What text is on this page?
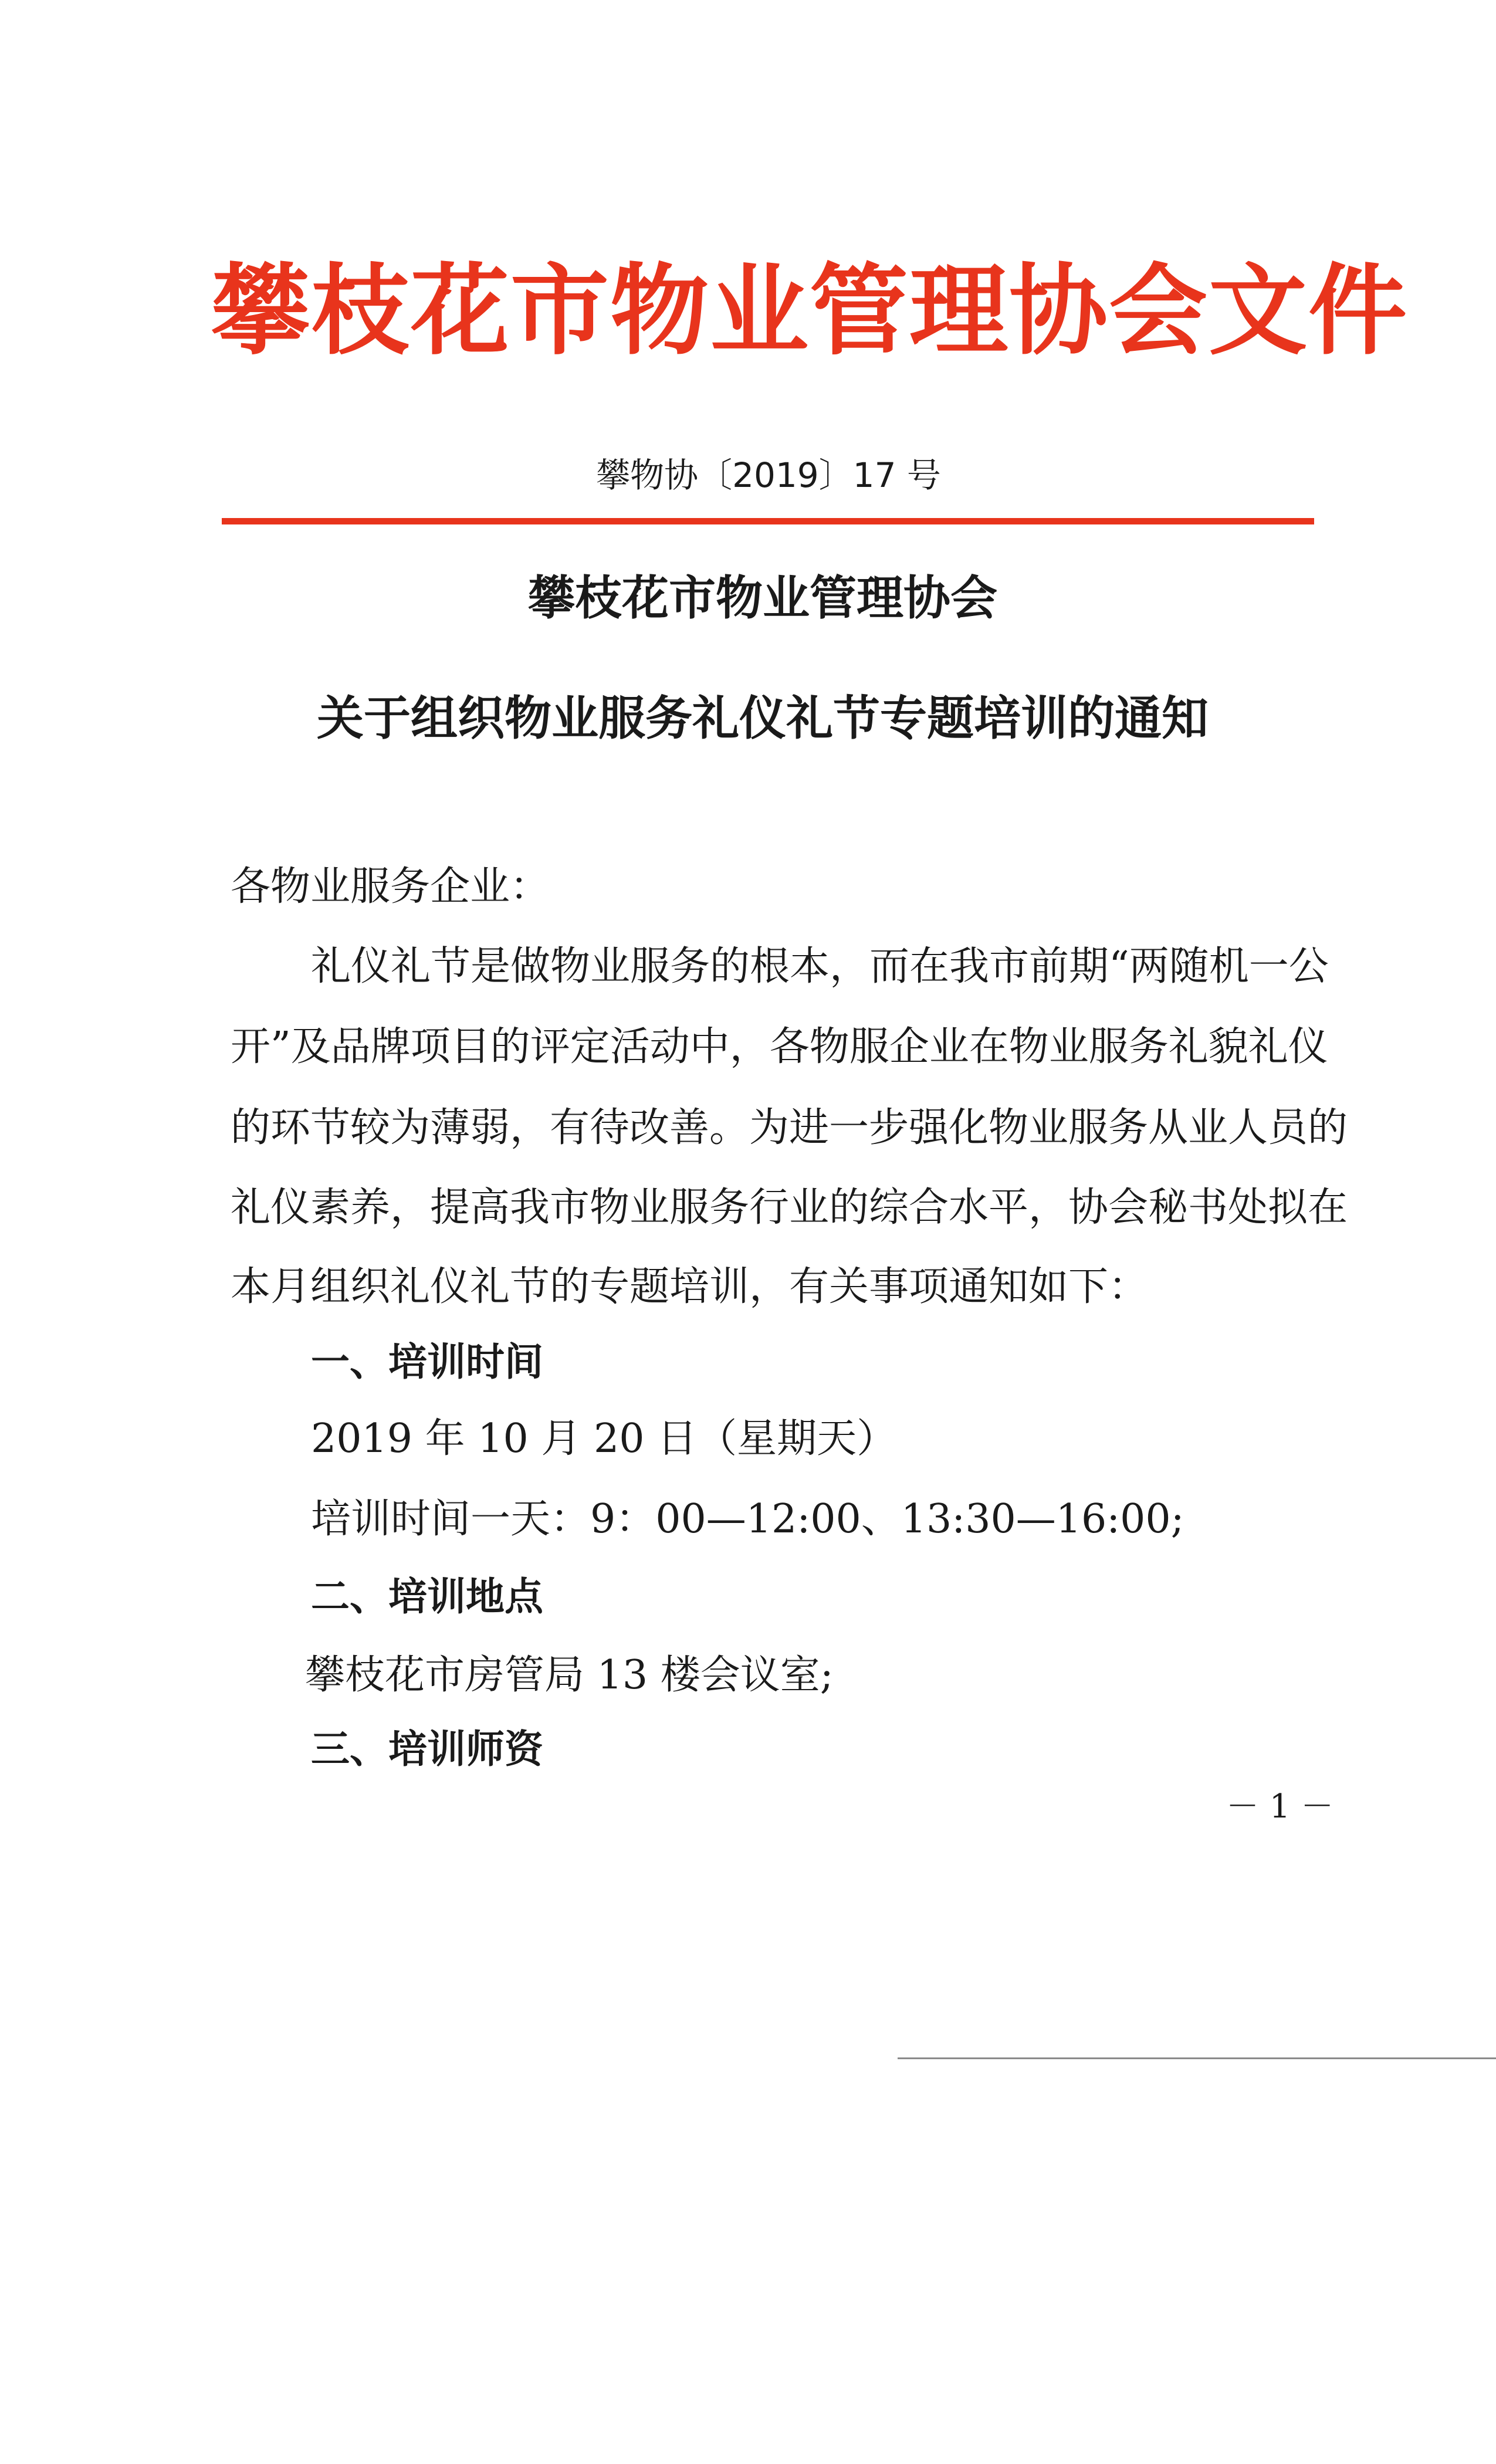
攀枝花市物业管理协会文件
攀物协〔2019〕17 号
攀枝花市物业管理协会
关于组织物业服务礼仪礼节专题培训的通知
各物业服务企业：
礼仪礼节是做物业服务的根本，而在我市前期“两随机一公
开”及品牌项目的评定活动中，各物服企业在物业服务礼貌礼仪
的环节较为薄弱，有待改善。为进一步强化物业服务从业人员的
礼仪素养，提高我市物业服务行业的综合水平，协会秘书处拟在
本月组织礼仪礼节的专题培训，有关事项通知如下：
一、培训时间
2019 年 10 月 20 日（星期天）
培训时间一天：9：00—12:00、13:30—16:00;
二、培训地点
攀枝花市房管局 13 楼会议室;
三、培训师资
－ 1 －
